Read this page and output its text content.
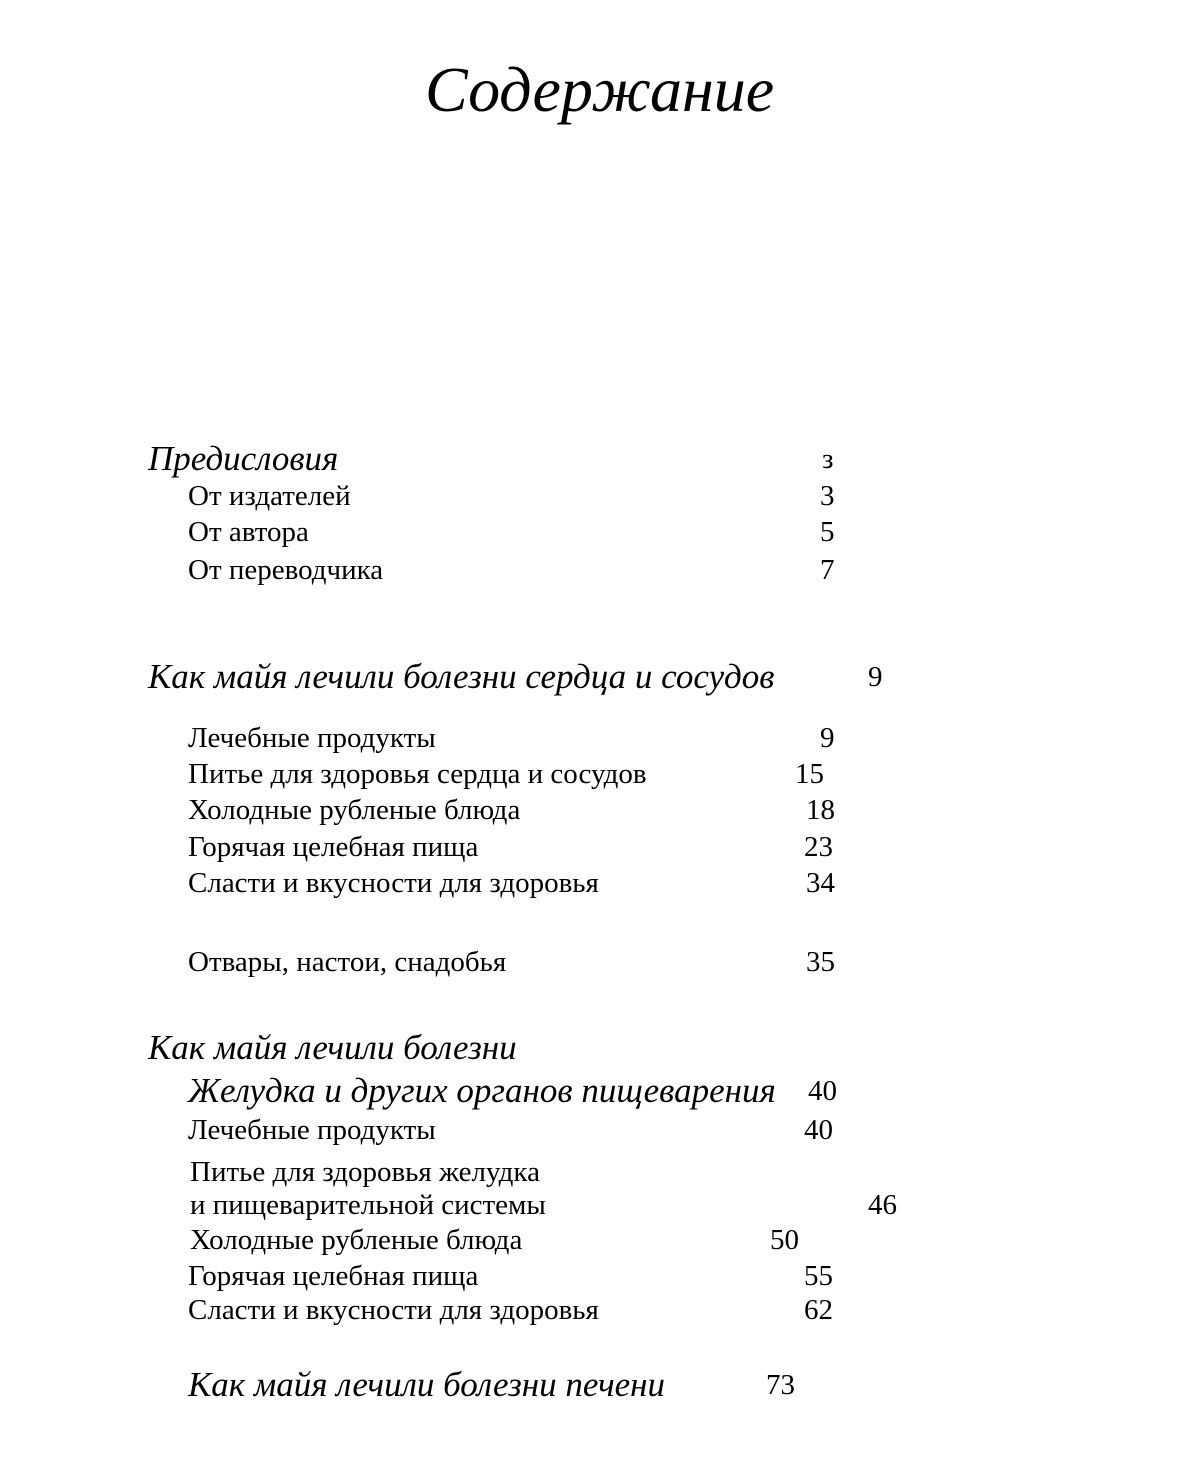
Содержание
Предисловия	з
От издателей	3
От автора	5
От переводчика	7
Как майя лечили болезни сердца и сосудов	9
Лечебные продукты	9
Питье для здоровья сердца и сосудов	15
Холодные рубленые блюда	18
Горячая целебная пища	23
Сласти и вкусности для здоровья	34
Отвары, настои, снадобья	35
Как майя лечили болезни
Желудка и других органов пищеварения 40
Лечебные продукты	40
Питье для здоровья желудка
и пищеварительной системы	46
Холодные рубленые блюда	50
Горячая целебная пища	55
Сласти и вкусности для здоровья	62
Как майя лечили болезни печени	73
